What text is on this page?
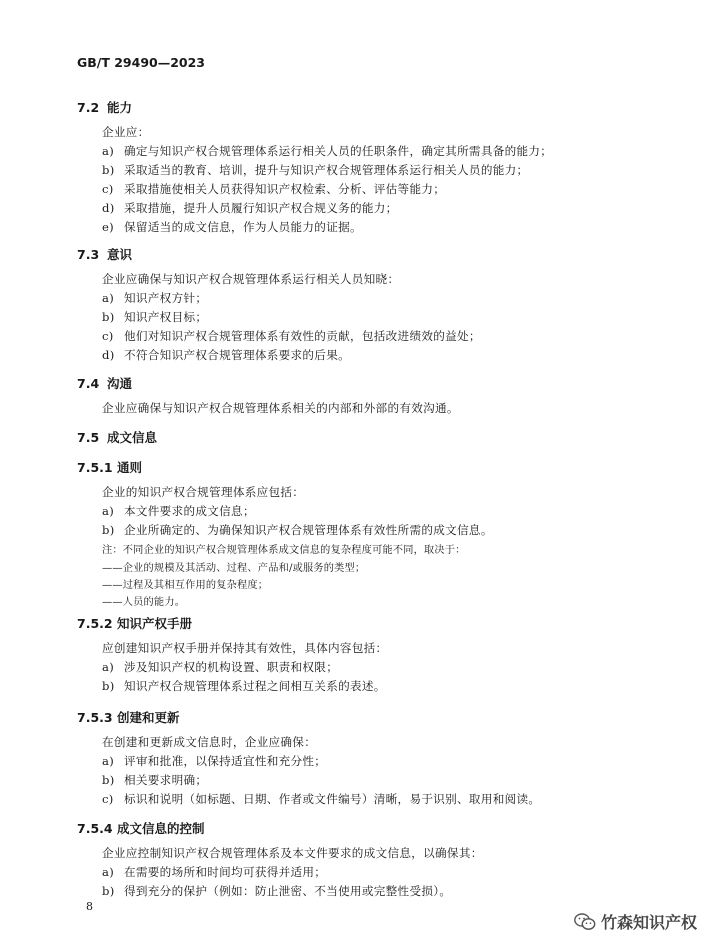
GB/T 29490—2023
7.2 能力
企业应：
a) 确定与知识产权合规管理体系运行相关人员的任职条件，确定其所需具备的能力；
b) 采取适当的教育、培训，提升与知识产权合规管理体系运行相关人员的能力；
c) 采取措施使相关人员获得知识产权检索、分析、评估等能力；
d) 采取措施，提升人员履行知识产权合规义务的能力；
e) 保留适当的成文信息，作为人员能力的证据。
7.3 意识
企业应确保与知识产权合规管理体系运行相关人员知晓：
a) 知识产权方针；
b) 知识产权目标；
c) 他们对知识产权合规管理体系有效性的贡献，包括改进绩效的益处；
d) 不符合知识产权合规管理体系要求的后果。
7.4 沟通
企业应确保与知识产权合规管理体系相关的内部和外部的有效沟通。
7.5 成文信息
7.5.1 通则
企业的知识产权合规管理体系应包括：
a) 本文件要求的成文信息；
b) 企业所确定的、为确保知识产权合规管理体系有效性所需的成文信息。
注：不同企业的知识产权合规管理体系成文信息的复杂程度可能不同，取决于：
——企业的规模及其活动、过程、产品和/或服务的类型；
——过程及其相互作用的复杂程度；
——人员的能力。
7.5.2 知识产权手册
应创建知识产权手册并保持其有效性，具体内容包括：
a) 涉及知识产权的机构设置、职责和权限；
b) 知识产权合规管理体系过程之间相互关系的表述。
7.5.3 创建和更新
在创建和更新成文信息时，企业应确保：
a) 评审和批准，以保持适宜性和充分性；
b) 相关要求明确；
c) 标识和说明（如标题、日期、作者或文件编号）清晰，易于识别、取用和阅读。
7.5.4 成文信息的控制
企业应控制知识产权合规管理体系及本文件要求的成文信息，以确保其：
a) 在需要的场所和时间均可获得并适用；
b) 得到充分的保护（例如：防止泄密、不当使用或完整性受损）。
8
竹森知识产权
